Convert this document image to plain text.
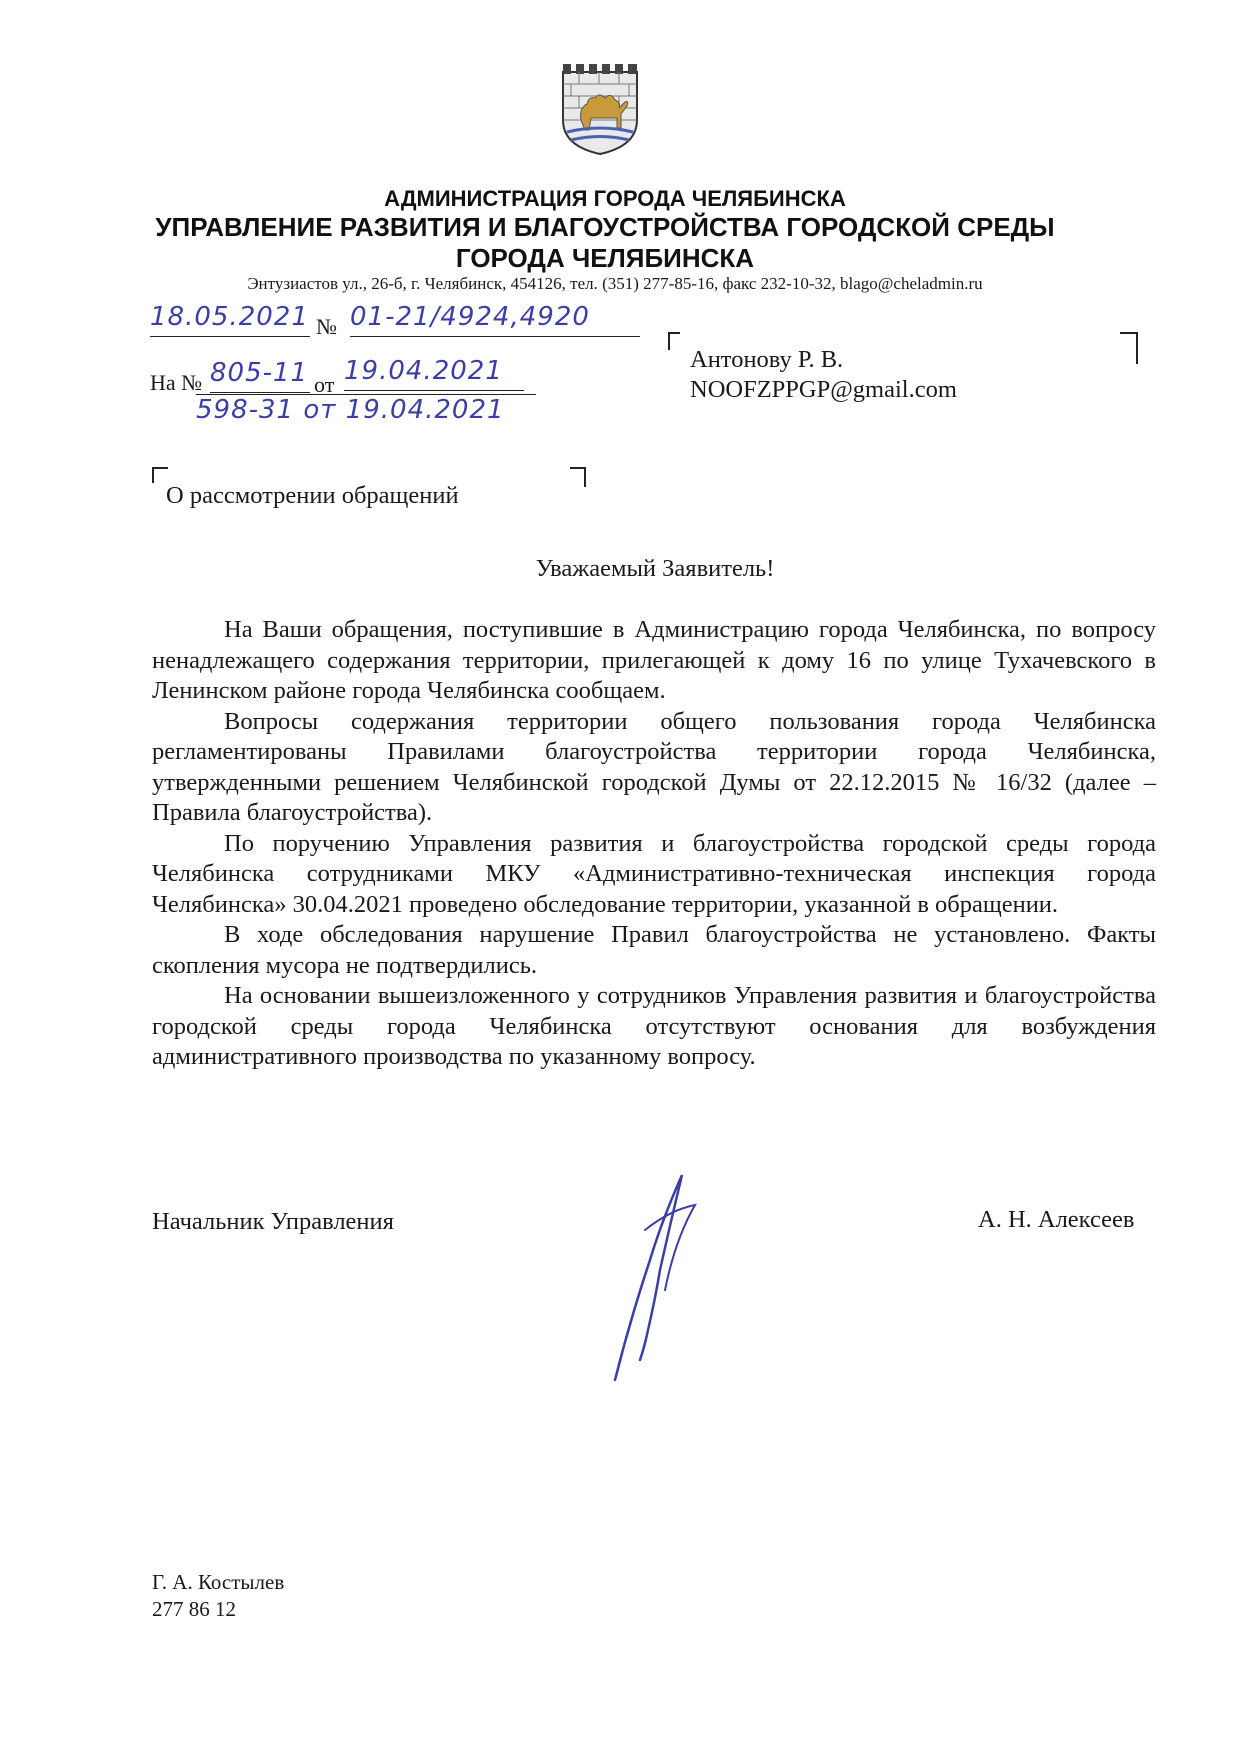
АДМИНИСТРАЦИЯ ГОРОДА ЧЕЛЯБИНСКА
УПРАВЛЕНИЕ РАЗВИТИЯ И БЛАГОУСТРОЙСТВА ГОРОДСКОЙ СРЕДЫ
ГОРОДА ЧЕЛЯБИНСКА
Энтузиастов ул., 26-б, г. Челябинск, 454126, тел. (351) 277-85-16, факс 232-10-32, blago@cheladmin.ru
18.05.2021 № 01-21/4924,4920
На № 805-11 от 19.04.2021
598-31 от 19.04.2021
Антонову Р. В.
NOOFZPPGP@gmail.com
О рассмотрении обращений
Уважаемый Заявитель!

На Ваши обращения, поступившие в Администрацию города Челябинска, по вопросу ненадлежащего содержания территории, прилегающей к дому 16 по улице Тухачевского в Ленинском районе города Челябинска сообщаем.

Вопросы содержания территории общего пользования города Челябинска регламентированы Правилами благоустройства территории города Челябинска, утвержденными решением Челябинской городской Думы от 22.12.2015 № 16/32 (далее – Правила благоустройства).

По поручению Управления развития и благоустройства городской среды города Челябинска сотрудниками МКУ «Административно-техническая инспекция города Челябинска» 30.04.2021 проведено обследование территории, указанной в обращении.

В ходе обследования нарушение Правил благоустройства не установлено. Факты скопления мусора не подтвердились.

На основании вышеизложенного у сотрудников Управления развития и благоустройства городской среды города Челябинска отсутствуют основания для возбуждения административного производства по указанному вопросу.

Начальник Управления	А. Н. Алексеев
Г. А. Костылев
277 86 12
